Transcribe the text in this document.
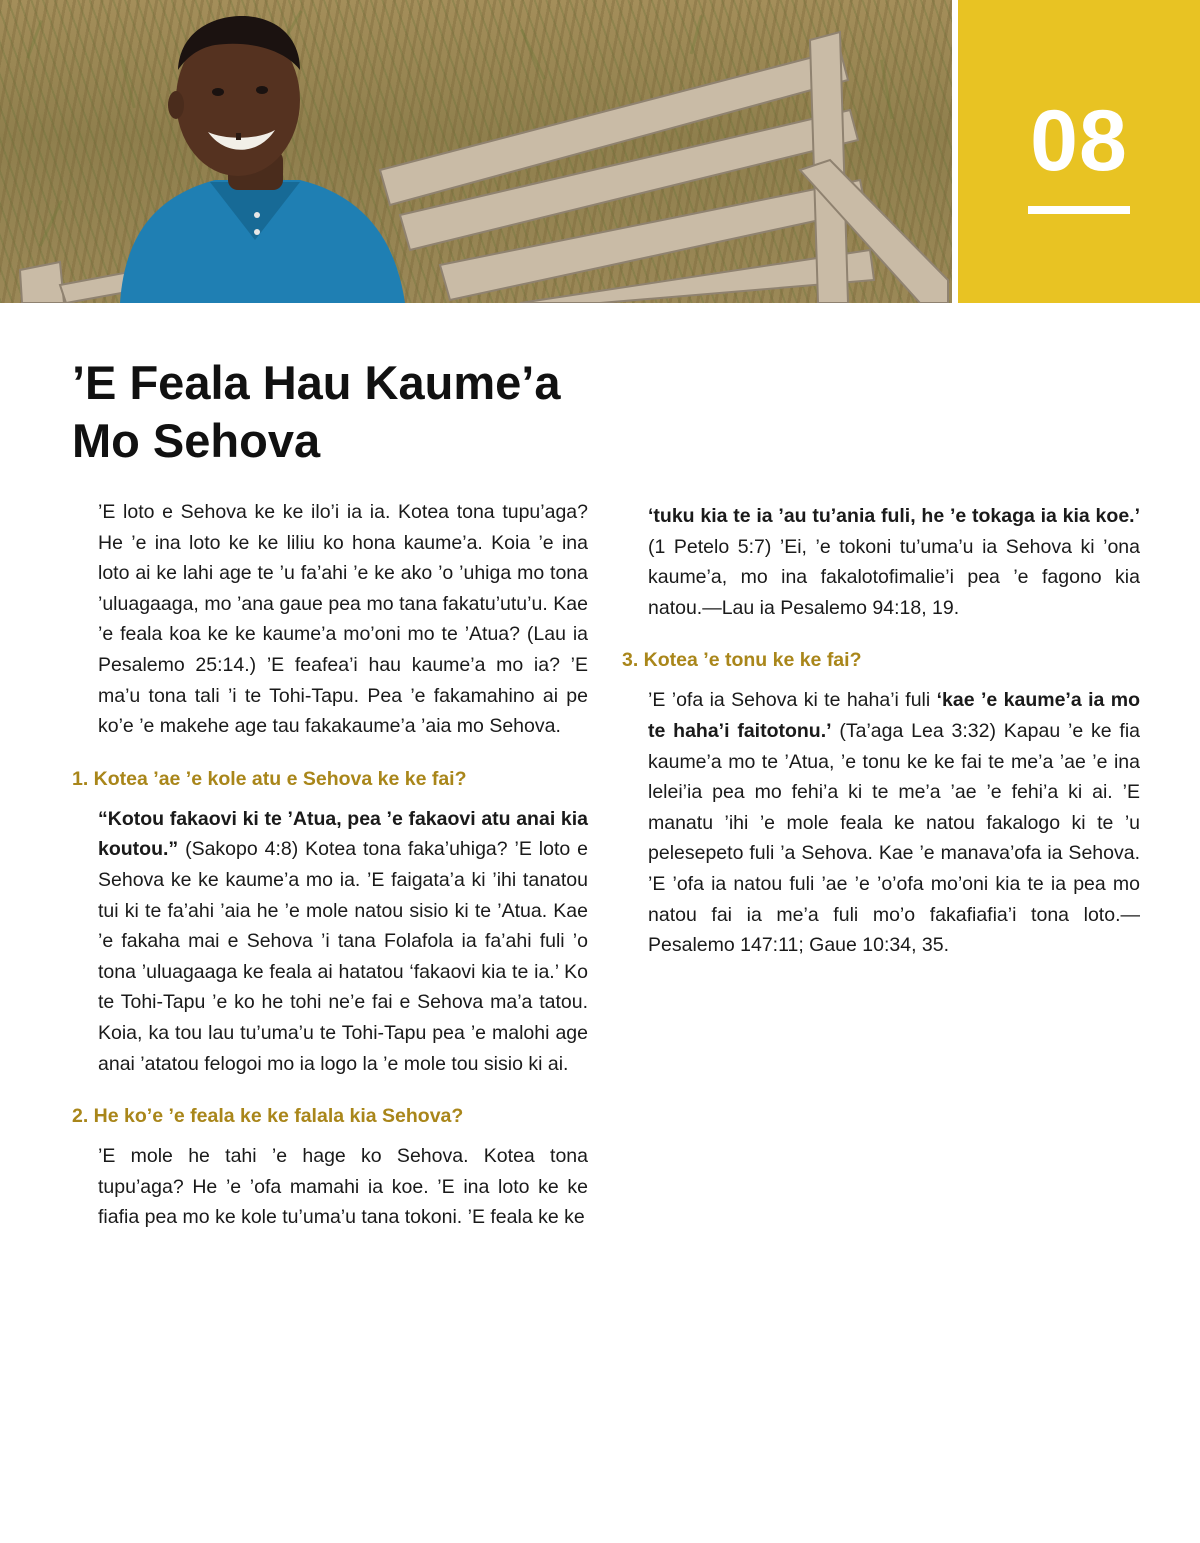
08
’E Feala Hau Kaume’a
Mo Sehova

’E loto e Sehova ke ke ilo’i ia ia. Kotea tona tupu’aga? He ’e ina loto ke ke liliu ko hona kaume’a. Koia ’e ina loto ai ke lahi age te ’u fa’ahi ’e ke ako ’o ’uhiga mo tona ’uluagaaga, mo ’ana gaue pea mo tana fakatu’utu’u. Kae ’e feala koa ke ke kaume’a mo’oni mo te ’Atua? (Lau ia Pesalemo 25:14.) ’E feafea’i hau kaume’a mo ia? ’E ma’u tona tali ’i te Tohi-Tapu. Pea ’e fakamahino ai pe ko’e ’e makehe age tau fakakaume’a ’aia mo Sehova.

1. Kotea ’ae ’e kole atu e Sehova ke ke fai?

“Kotou fakaovi ki te ’Atua, pea ’e fakaovi atu anai kia koutou.” (Sakopo 4:8) Kotea tona faka’uhiga? ’E loto e Sehova ke ke kaume’a mo ia. ’E faigata’a ki ’ihi tanatou tui ki te fa’ahi ’aia he ’e mole natou sisio ki te ’Atua. Kae ’e fakaha mai e Sehova ’i tana Folafola ia fa’ahi fuli ’o tona ’uluagaaga ke feala ai hatatou ‘fakaovi kia te ia.’ Ko te Tohi-Tapu ’e ko he tohi ne’e fai e Sehova ma’a tatou. Koia, ka tou lau tu’uma’u te Tohi-Tapu pea ’e malohi age anai ’atatou felogoi mo ia logo la ’e mole tou sisio ki ai.

2. He ko’e ’e feala ke ke falala kia Sehova?

’E mole he tahi ’e hage ko Sehova. Kotea tona tupu’aga? He ’e ’ofa mamahi ia koe. ’E ina loto ke ke fiafia pea mo ke kole tu’uma’u tana tokoni. ’E feala ke ke

‘tuku kia te ia ’au tu’ania fuli, he ’e tokaga ia kia koe.’ (1 Petelo 5:7) ’Ei, ’e tokoni tu’uma’u ia Sehova ki ’ona kaume’a, mo ina fakalotofimalie’i pea ’e fagono kia natou.—Lau ia Pesalemo 94:18, 19.

3. Kotea ’e tonu ke ke fai?

’E ’ofa ia Sehova ki te haha’i fuli ‘kae ’e kaume’a ia mo te haha’i faitotonu.’ (Ta’aga Lea 3:32) Kapau ’e ke fia kaume’a mo te ’Atua, ’e tonu ke ke fai te me’a ’ae ’e ina lelei’ia pea mo fehi’a ki te me’a ’ae ’e fehi’a ki ai. ’E manatu ’ihi ’e mole feala ke natou fakalogo ki te ’u pelesepeto fuli ’a Sehova. Kae ’e manava’ofa ia Sehova. ’E ’ofa ia natou fuli ’ae ’e ’o’ofa mo’oni kia te ia pea mo natou fai ia me’a fuli mo’o fakafiafia’i tona loto.—Pesalemo 147:11; Gaue 10:34, 35.
